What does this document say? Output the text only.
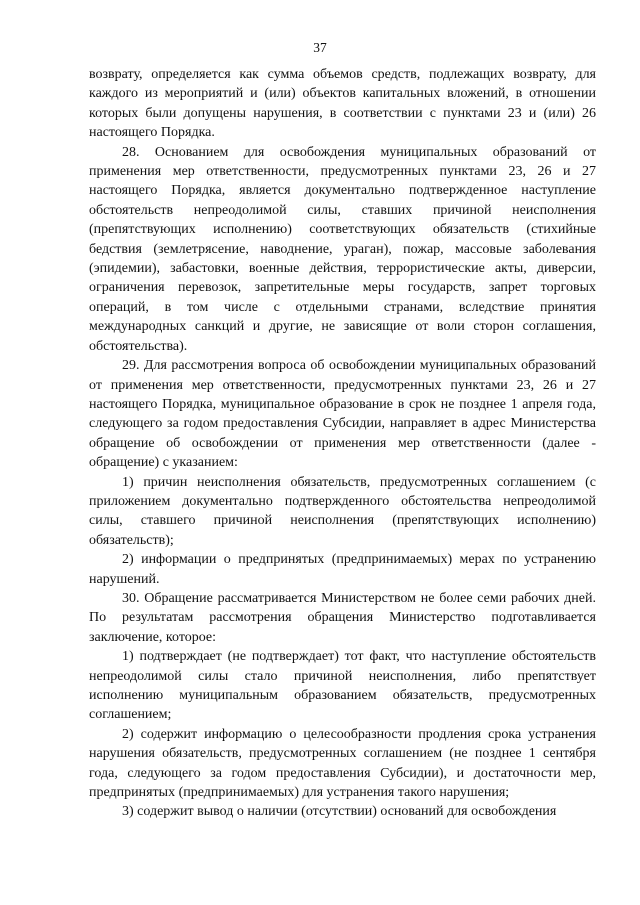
37

возврату, определяется как сумма объемов средств, подлежащих возврату, для каждого из мероприятий и (или) объектов капитальных вложений, в отношении которых были допущены нарушения, в соответствии с пунктами 23 и (или) 26 настоящего Порядка.

28. Основанием для освобождения муниципальных образований от применения мер ответственности, предусмотренных пунктами 23, 26 и 27 настоящего Порядка, является документально подтвержденное наступление обстоятельств непреодолимой силы, ставших причиной неисполнения (препятствующих исполнению) соответствующих обязательств (стихийные бедствия (землетрясение, наводнение, ураган), пожар, массовые заболевания (эпидемии), забастовки, военные действия, террористические акты, диверсии, ограничения перевозок, запретительные меры государств, запрет торговых операций, в том числе с отдельными странами, вследствие принятия международных санкций и другие, не зависящие от воли сторон соглашения, обстоятельства).

29. Для рассмотрения вопроса об освобождении муниципальных образований от применения мер ответственности, предусмотренных пунктами 23, 26 и 27 настоящего Порядка, муниципальное образование в срок не позднее 1 апреля года, следующего за годом предоставления Субсидии, направляет в адрес Министерства обращение об освобождении от применения мер ответственности (далее - обращение) с указанием:

1) причин неисполнения обязательств, предусмотренных соглашением (с приложением документально подтвержденного обстоятельства непреодолимой силы, ставшего причиной неисполнения (препятствующих исполнению) обязательств);

2) информации о предпринятых (предпринимаемых) мерах по устранению нарушений.

30. Обращение рассматривается Министерством не более семи рабочих дней. По результатам рассмотрения обращения Министерство подготавливается заключение, которое:

1) подтверждает (не подтверждает) тот факт, что наступление обстоятельств непреодолимой силы стало причиной неисполнения, либо препятствует исполнению муниципальным образованием обязательств, предусмотренных соглашением;

2) содержит информацию о целесообразности продления срока устранения нарушения обязательств, предусмотренных соглашением (не позднее 1 сентября года, следующего за годом предоставления Субсидии), и достаточности мер, предпринятых (предпринимаемых) для устранения такого нарушения;

3) содержит вывод о наличии (отсутствии) оснований для освобождения
